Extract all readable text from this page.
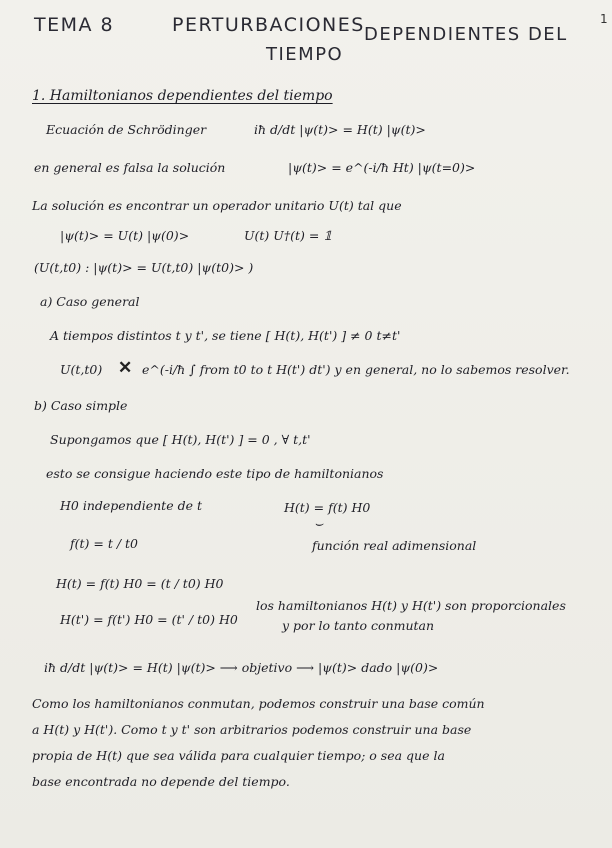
1
TEMA 8	PERTURBACIONES DEPENDIENTES DEL
TIEMPO
1. Hamiltonianos dependientes del tiempo
Ecuación de Schrödinger	iħ d/dt |ψ(t)> = H(t) |ψ(t)>
en general es falsa la solución	|ψ(t)> = e^(-i/ħ Ht) |ψ(t=0)>
La solución es encontrar un operador unitario U(t) tal que
|ψ(t)> = U(t) |ψ(0)>	U(t) U†(t) = 𝟙
(U(t,t0) : |ψ(t)> = U(t,t0) |ψ(t0)> )
a) Caso general
A tiempos distintos t y t', se tiene [ H(t), H(t') ] ≠ 0 t≠t'
U(t,t0) ✕ e^(-i/ħ ∫ from t0 to t H(t') dt') y en general, no lo sabemos resolver.
b) Caso simple
Supongamos que [ H(t), H(t') ] = 0 , ∀ t,t'
esto se consigue haciendo este tipo de hamiltonianos
H0 independiente de t	H(t) = f(t) H0
⌣
f(t) = t / t0	función real adimensional
H(t) = f(t) H0 = (t / t0) H0
H(t') = f(t') H0 = (t' / t0) H0
los hamiltonianos H(t) y H(t') son proporcionales
y por lo tanto conmutan
iħ d/dt |ψ(t)> = H(t) |ψ(t)> ⟶ objetivo ⟶ |ψ(t)> dado |ψ(0)>
Como los hamiltonianos conmutan, podemos construir una base común
a H(t) y H(t'). Como t y t' son arbitrarios podemos construir una base
propia de H(t) que sea válida para cualquier tiempo; o sea que la
base encontrada no depende del tiempo.
